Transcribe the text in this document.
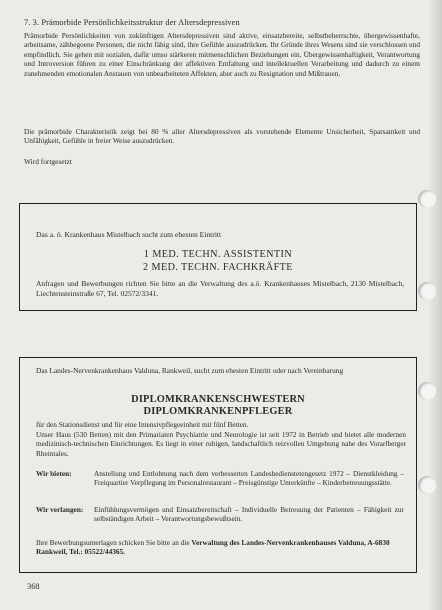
7. 3. Prämorbide Persönlichkeitsstruktur der Altersdepressiven
Prämorbide Persönlichkeiten von zukünftigen Altersdepressiven sind aktive, einsatzbereite, selbstbeherrschte, übergewissenhafte, arbeitsame, zähbegoene Personen, die nicht fähig sind, ihre Gefühle auszudrücken. Ihr Gründe ihres Wesens sind sie verschlossen und empfindlich. Sie gehen mit sozialen, dafür umso stärkeren mitmenschlichen Beziehungen ein. Übergewissenhaftigkeit, Verantwortung und Introversion führen zu einer Einschränkung der affektiven Entfaltung und intellektuellen Verarbeitung und dadurch zu einem zunehmenden emotionalen Anstauen von unbearbeiteten Affekten, aber auch zu Resignation und Mißtrauen.
Die prämorbide Charakteristik zeigt bei 80 % aller Altersdepressiven als vorstehende Elemente Unsicherheit, Sparsamkeit und Unfähigkeit, Gefühle in freier Weise auszudrücken.
Wird fortgesetzt
Das a. ö. Krankenhaus Mistelbach sucht zum ehesten Eintritt
1 MED. TECHN. ASSISTENTIN
2 MED. TECHN. FACHKRÄFTE
Anfragen und Bewerbungen richten Sie bitte an die Verwaltung des a.ö. Krankenhauses Mistelbach, 2130 Mistelbach, Liechtensteinstraße 67, Tel. 02572/3341.
Das Landes-Nervenkrankenhaus Valduna, Rankweil, sucht zum ehesten Eintritt oder nach Vereinbarung
DIPLOMKRANKENSCHWESTERN
DIPLOMKRANKENPFLEGER
für den Stationsdienst und für eine Intensivpflegeeinheit mit fünf Betten.
Unser Haus (530 Betten) mit den Primariaten Psychiatrie und Neurologie ist seit 1972 in Betrieb und bietet alle modernen medizinisch-technischen Einrichtungen. Es liegt in einer ruhigen, landschaftlich reizvollen Umgebung nahe des Vorarlberger Rheintales.
Wir bieten:	Anstellung und Entlohnung nach dem verbesserten Landesbedienstetengesetz 1972 – Dienstkleidung – Freiquartier Verpflegung im Personalrestaurant – Preisgünstige Unterkünfte – Kinderbetreuungsstätte.
Wir verlangen: Einfühlungsvermögen und Einsatzbereitschaft – Individuelle Betreuung der Patienten – Fähigkeit zur selbständigen Arbeit – Verantwortungsbewußtsein.
Ihre Bewerbungsunterlagen schicken Sie bitte an die Verwaltung des Landes-Nervenkrankenhauses Valduna, A-6830 Rankweil, Tel.: 05522/44365.
368
